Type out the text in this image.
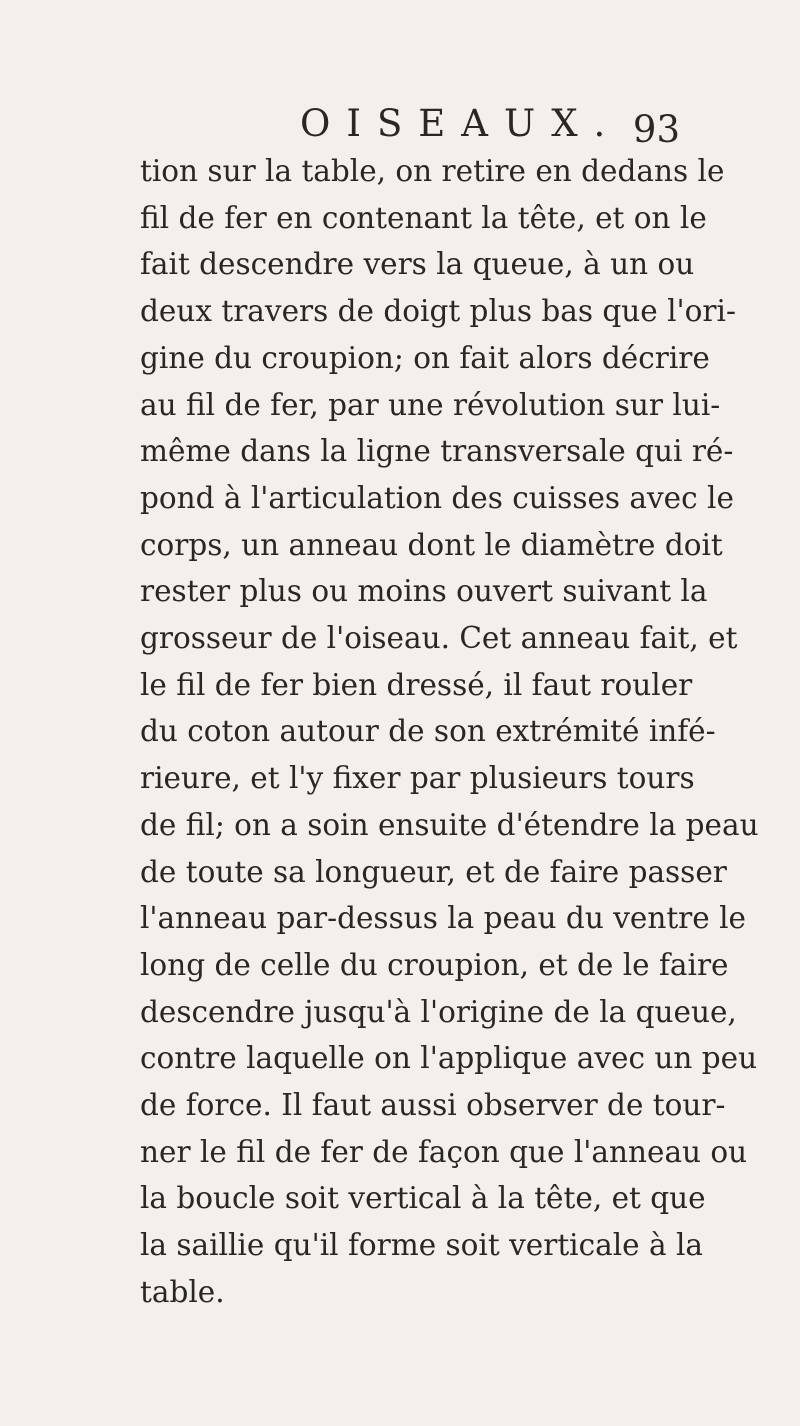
OISEAUX. 93
tion sur la table, on retire en dedans le
fil de fer en contenant la tête, et on le
fait descendre vers la queue, à un ou
deux travers de doigt plus bas que l'ori-
gine du croupion; on fait alors décrire
au fil de fer, par une révolution sur lui-
même dans la ligne transversale qui ré-
pond à l'articulation des cuisses avec le
corps, un anneau dont le diamètre doit
rester plus ou moins ouvert suivant la
grosseur de l'oiseau. Cet anneau fait, et
le fil de fer bien dressé, il faut rouler
du coton autour de son extrémité infé-
rieure, et l'y fixer par plusieurs tours
de fil; on a soin ensuite d'étendre la peau
de toute sa longueur, et de faire passer
l'anneau par-dessus la peau du ventre le
long de celle du croupion, et de le faire
descendre jusqu'à l'origine de la queue,
contre laquelle on l'applique avec un peu
de force. Il faut aussi observer de tour-
ner le fil de fer de façon que l'anneau ou
la boucle soit vertical à la tête, et que
la saillie qu'il forme soit verticale à la
table.
